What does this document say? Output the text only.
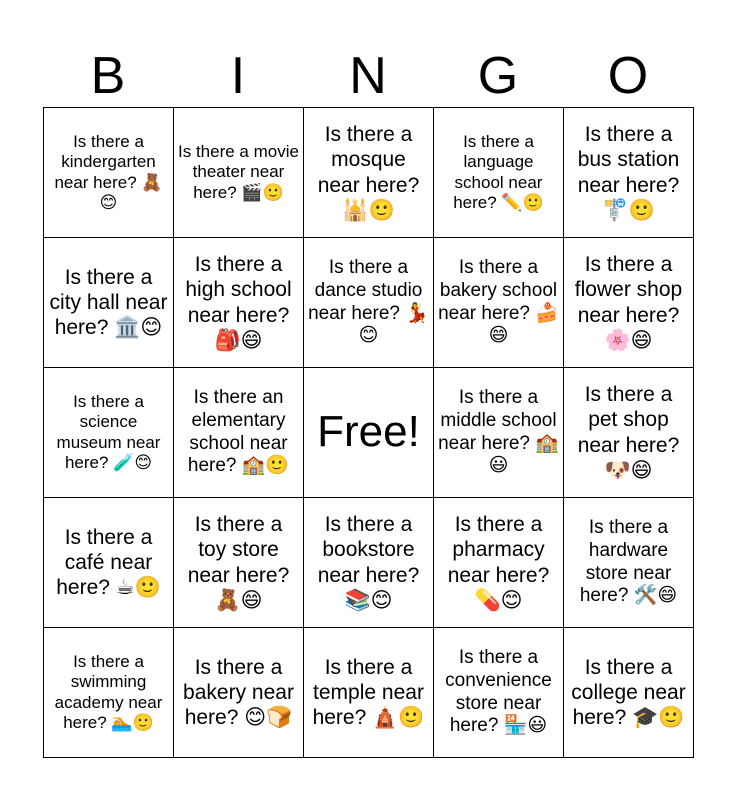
B	I	N	G	O
Is there a kindergarten near here? 🧸😊	Is there a movie theater near here? 🎬🙂	Is there a mosque near here? 🕌🙂	Is there a language school near here? ✏️🙂	Is there a bus station near here? 🚏🙂

Is there a city hall near here? 🏛️😊	Is there a high school near here? 🎒😄	Is there a dance studio near here? 💃😊	Is there a bakery school near here? 🍰😄	Is there a flower shop near here? 🌸😄

Is there a science museum near here? 🧪😊	Is there an elementary school near here? 🏫🙂	Free!	Is there a middle school near here? 🏫😃	Is there a pet shop near here? 🐶😄

Is there a café near here? ☕🙂	Is there a toy store near here? 🧸😄	Is there a bookstore near here? 📚😊	Is there a pharmacy near here? 💊😊	Is there a hardware store near here? 🛠️😄

Is there a swimming academy near here? 🏊🙂	Is there a bakery near here? 😊🍞	Is there a temple near here? 🛕🙂	Is there a convenience store near here? 🏪😃	Is there a college near here? 🎓🙂
